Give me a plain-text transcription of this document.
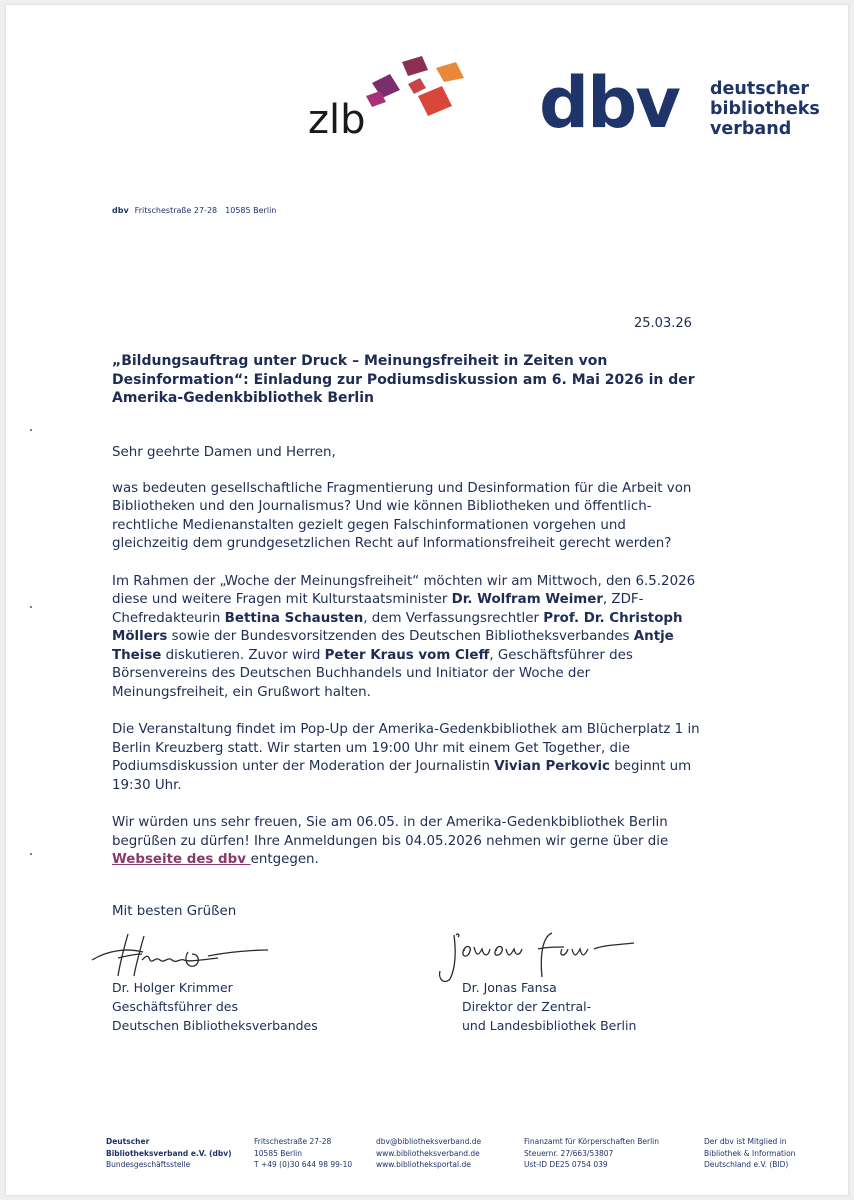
zlb dbv deutscher
bibliotheks
verband
dbv Fritschestraße 27-28 10585 Berlin
25.03.26
„Bildungsauftrag unter Druck – Meinungsfreiheit in Zeiten von Desinformation“: Einladung zur Podiumsdiskussion am 6. Mai 2026 in der Amerika-Gedenkbibliothek Berlin

Sehr geehrte Damen und Herren,

was bedeuten gesellschaftliche Fragmentierung und Desinformation für die Arbeit von Bibliotheken und den Journalismus? Und wie können Bibliotheken und öffentlich-rechtliche Medienanstalten gezielt gegen Falschinformationen vorgehen und gleichzeitig dem grundgesetzlichen Recht auf Informationsfreiheit gerecht werden?

Im Rahmen der „Woche der Meinungsfreiheit“ möchten wir am Mittwoch, den 6.5.2026 diese und weitere Fragen mit Kulturstaatsminister Dr. Wolfram Weimer, ZDF-Chefredakteurin Bettina Schausten, dem Verfassungsrechtler Prof. Dr. Christoph Möllers sowie der Bundesvorsitzenden des Deutschen Bibliotheksverbandes Antje Theise diskutieren. Zuvor wird Peter Kraus vom Cleff, Geschäftsführer des Börsenvereins des Deutschen Buchhandels und Initiator der Woche der Meinungsfreiheit, ein Grußwort halten.

Die Veranstaltung findet im Pop-Up der Amerika-Gedenkbibliothek am Blücherplatz 1 in Berlin Kreuzberg statt. Wir starten um 19:00 Uhr mit einem Get Together, die Podiumsdiskussion unter der Moderation der Journalistin Vivian Perkovic beginnt um 19:30 Uhr.

Wir würden uns sehr freuen, Sie am 06.05. in der Amerika-Gedenkbibliothek Berlin begrüßen zu dürfen! Ihre Anmeldungen bis 04.05.2026 nehmen wir gerne über die Webseite des dbv entgegen.

Mit besten Grüßen
Dr. Holger Krimmer
Geschäftsführer des
Deutschen Bibliotheksverbandes
Dr. Jonas Fansa
Direktor der Zentral-
und Landesbibliothek Berlin
Deutscher
Bibliotheksverband e.V. (dbv)
Bundesgeschäftsstelle
Fritschestraße 27-28
10585 Berlin
T +49 (0)30 644 98 99-10
dbv@bibliotheksverband.de
www.bibliotheksverband.de
www.bibliotheksportal.de
Finanzamt für Körperschaften Berlin
Steuernr. 27/663/53807
Ust-ID DE25 0754 039
Der dbv ist Mitglied in
Bibliothek & Information
Deutschland e.V. (BID)
